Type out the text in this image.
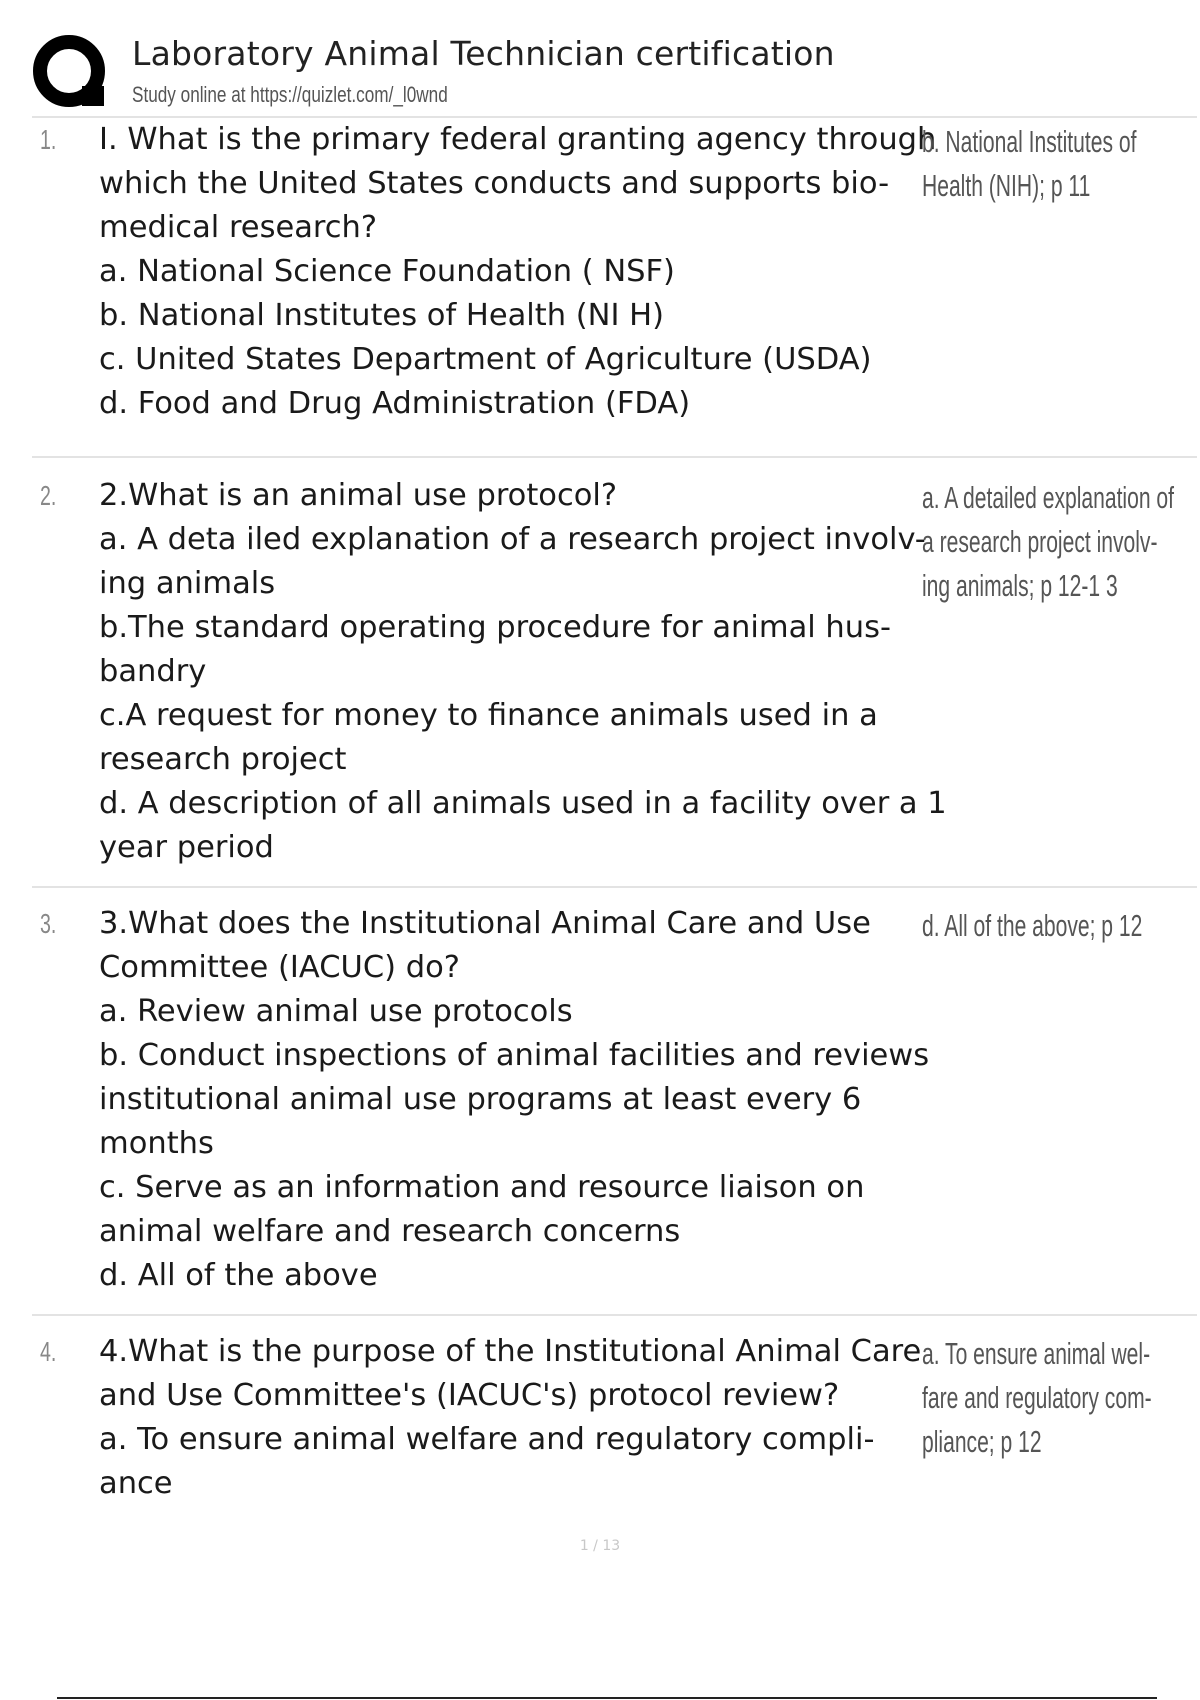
Laboratory Animal Technician certification
Study online at https://quizlet.com/_l0wnd
1. I. What is the primary federal granting agency through
which the United States conducts and supports bio-
medical research?
a. National Science Foundation ( NSF)
b. National Institutes of Health (NI H)
c. United States Department of Agriculture (USDA)
d. Food and Drug Administration (FDA)
b. National Institutes of
Health (NIH); p 11
2. 2.What is an animal use protocol?
a. A deta iled explanation of a research project involv-
ing animals
b.The standard operating procedure for animal hus-
bandry
c.A request for money to finance animals used in a
research project
d. A description of all animals used in a facility over a 1
year period
a. A detailed explanation of
a research project involv-
ing animals; p 12-1 3
3. 3.What does the Institutional Animal Care and Use
Committee (IACUC) do?
a. Review animal use protocols
b. Conduct inspections of animal facilities and reviews
institutional animal use programs at least every 6
months
c. Serve as an information and resource liaison on
animal welfare and research concerns
d. All of the above
d. All of the above; p 12
4. 4.What is the purpose of the Institutional Animal Care
and Use Committee's (IACUC's) protocol review?
a. To ensure animal welfare and regulatory compli-
ance
a. To ensure animal wel-
fare and regulatory com-
pliance; p 12
1 / 13
